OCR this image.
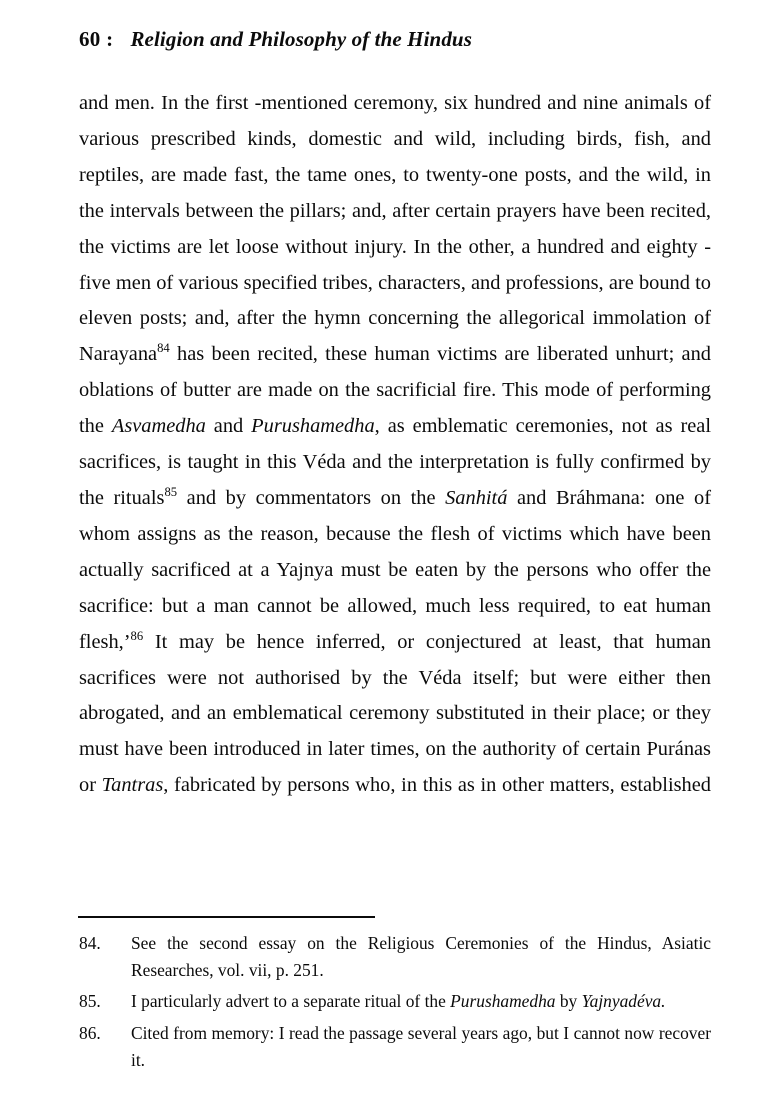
60 : Religion and Philosophy of the Hindus

and men. In the first -mentioned ceremony, six hundred and nine animals of various prescribed kinds, domestic and wild, including birds, fish, and reptiles, are made fast, the tame ones, to twenty-one posts, and the wild, in the intervals between the pillars; and, after certain prayers have been recited, the victims are let loose without injury. In the other, a hundred and eighty - five men of various specified tribes, characters, and professions, are bound to eleven posts; and, after the hymn concerning the allegorical immolation of Narayana$^{84}$ has been recited, these human victims are liberated unhurt; and oblations of butter are made on the sacrificial fire. This mode of performing the Asvamedha and Purushamedha, as emblematic ceremonies, not as real sacrifices, is taught in this Véda and the interpretation is fully confirmed by the rituals$^{85}$ and by commentators on the Sanhitá and Bráhmana: one of whom assigns as the reason, because the flesh of victims which have been actually sacrificed at a Yajnya must be eaten by the persons who offer the sacrifice: but a man cannot be allowed, much less required, to eat human flesh,’$^{86}$ It may be hence inferred, or conjectured at least, that human sacrifices were not authorised by the Véda itself; but were either then abrogated, and an emblematical ceremony substituted in their place; or they must have been introduced in later times, on the authority of certain Puránas or Tantras, fabricated by persons who, in this as in other matters, established

84.	See the second essay on the Religious Ceremonies of the Hindus, Asiatic Researches, vol. vii, p. 251.
85.	I particularly advert to a separate ritual of the Purushamedha by Yajnyadéva.
86.	Cited from memory: I read the passage several years ago, but I cannot now recover it.
